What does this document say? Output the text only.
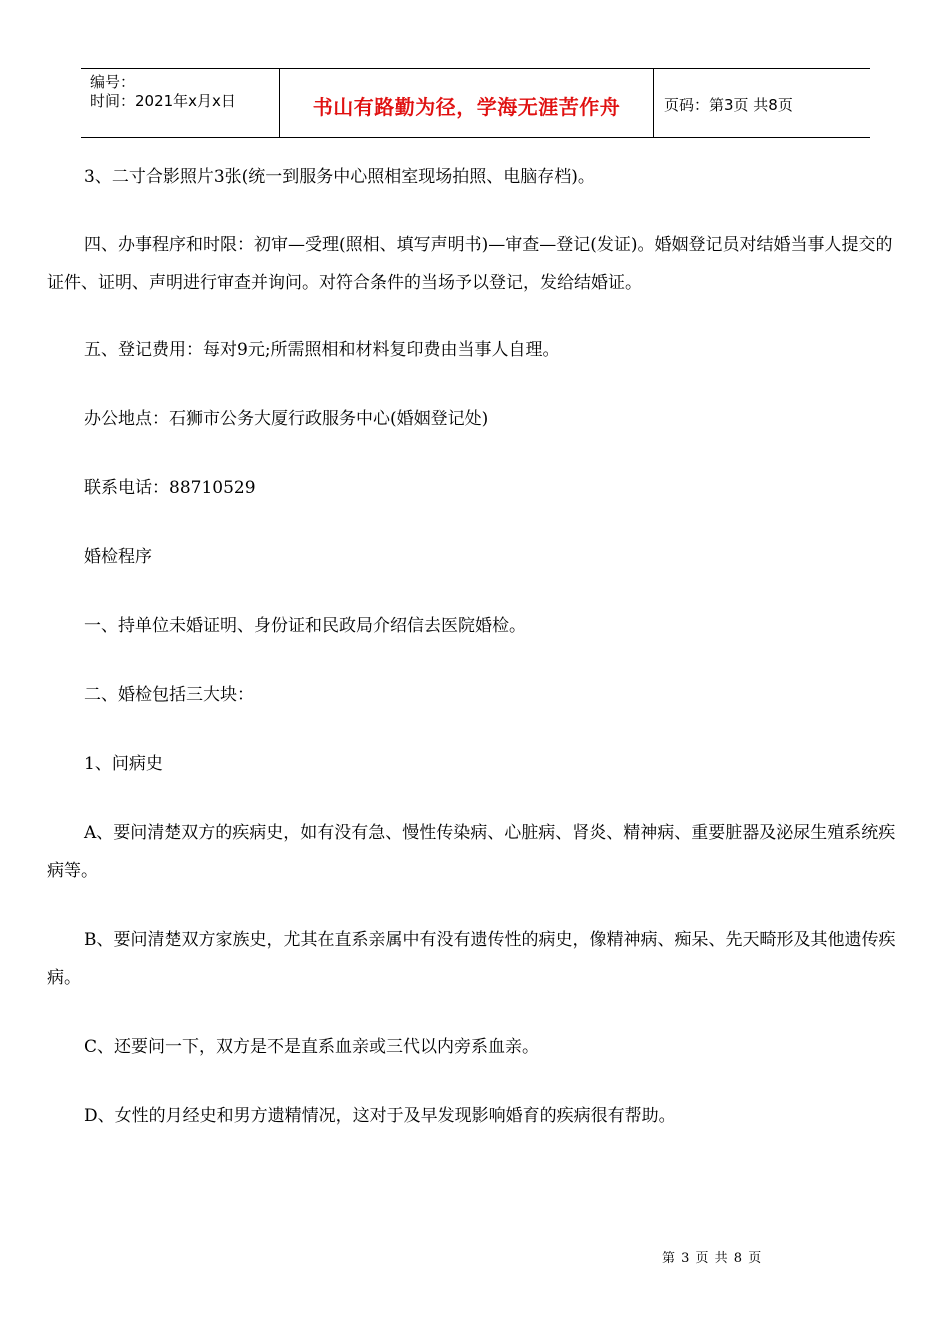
编号：
时间：2021年x月x日	书山有路勤为径，学海无涯苦作舟	页码：第3页 共8页

3、二寸合影照片3张(统一到服务中心照相室现场拍照、电脑存档)。

四、办事程序和时限：初审—受理(照相、填写声明书)—审查—登记(发证)。婚姻登记员对结婚当事人提交的证件、证明、声明进行审查并询问。对符合条件的当场予以登记，发给结婚证。

五、登记费用：每对9元;所需照相和材料复印费由当事人自理。

办公地点：石狮市公务大厦行政服务中心(婚姻登记处)

联系电话：88710529

婚检程序

一、持单位未婚证明、身份证和民政局介绍信去医院婚检。

二、婚检包括三大块：

1、问病史

A、要问清楚双方的疾病史，如有没有急、慢性传染病、心脏病、肾炎、精神病、重要脏器及泌尿生殖系统疾病等。

B、要问清楚双方家族史，尤其在直系亲属中有没有遗传性的病史，像精神病、痴呆、先天畸形及其他遗传疾病。

C、还要问一下，双方是不是直系血亲或三代以内旁系血亲。

D、女性的月经史和男方遗精情况，这对于及早发现影响婚育的疾病很有帮助。

第 3 页 共 8 页
